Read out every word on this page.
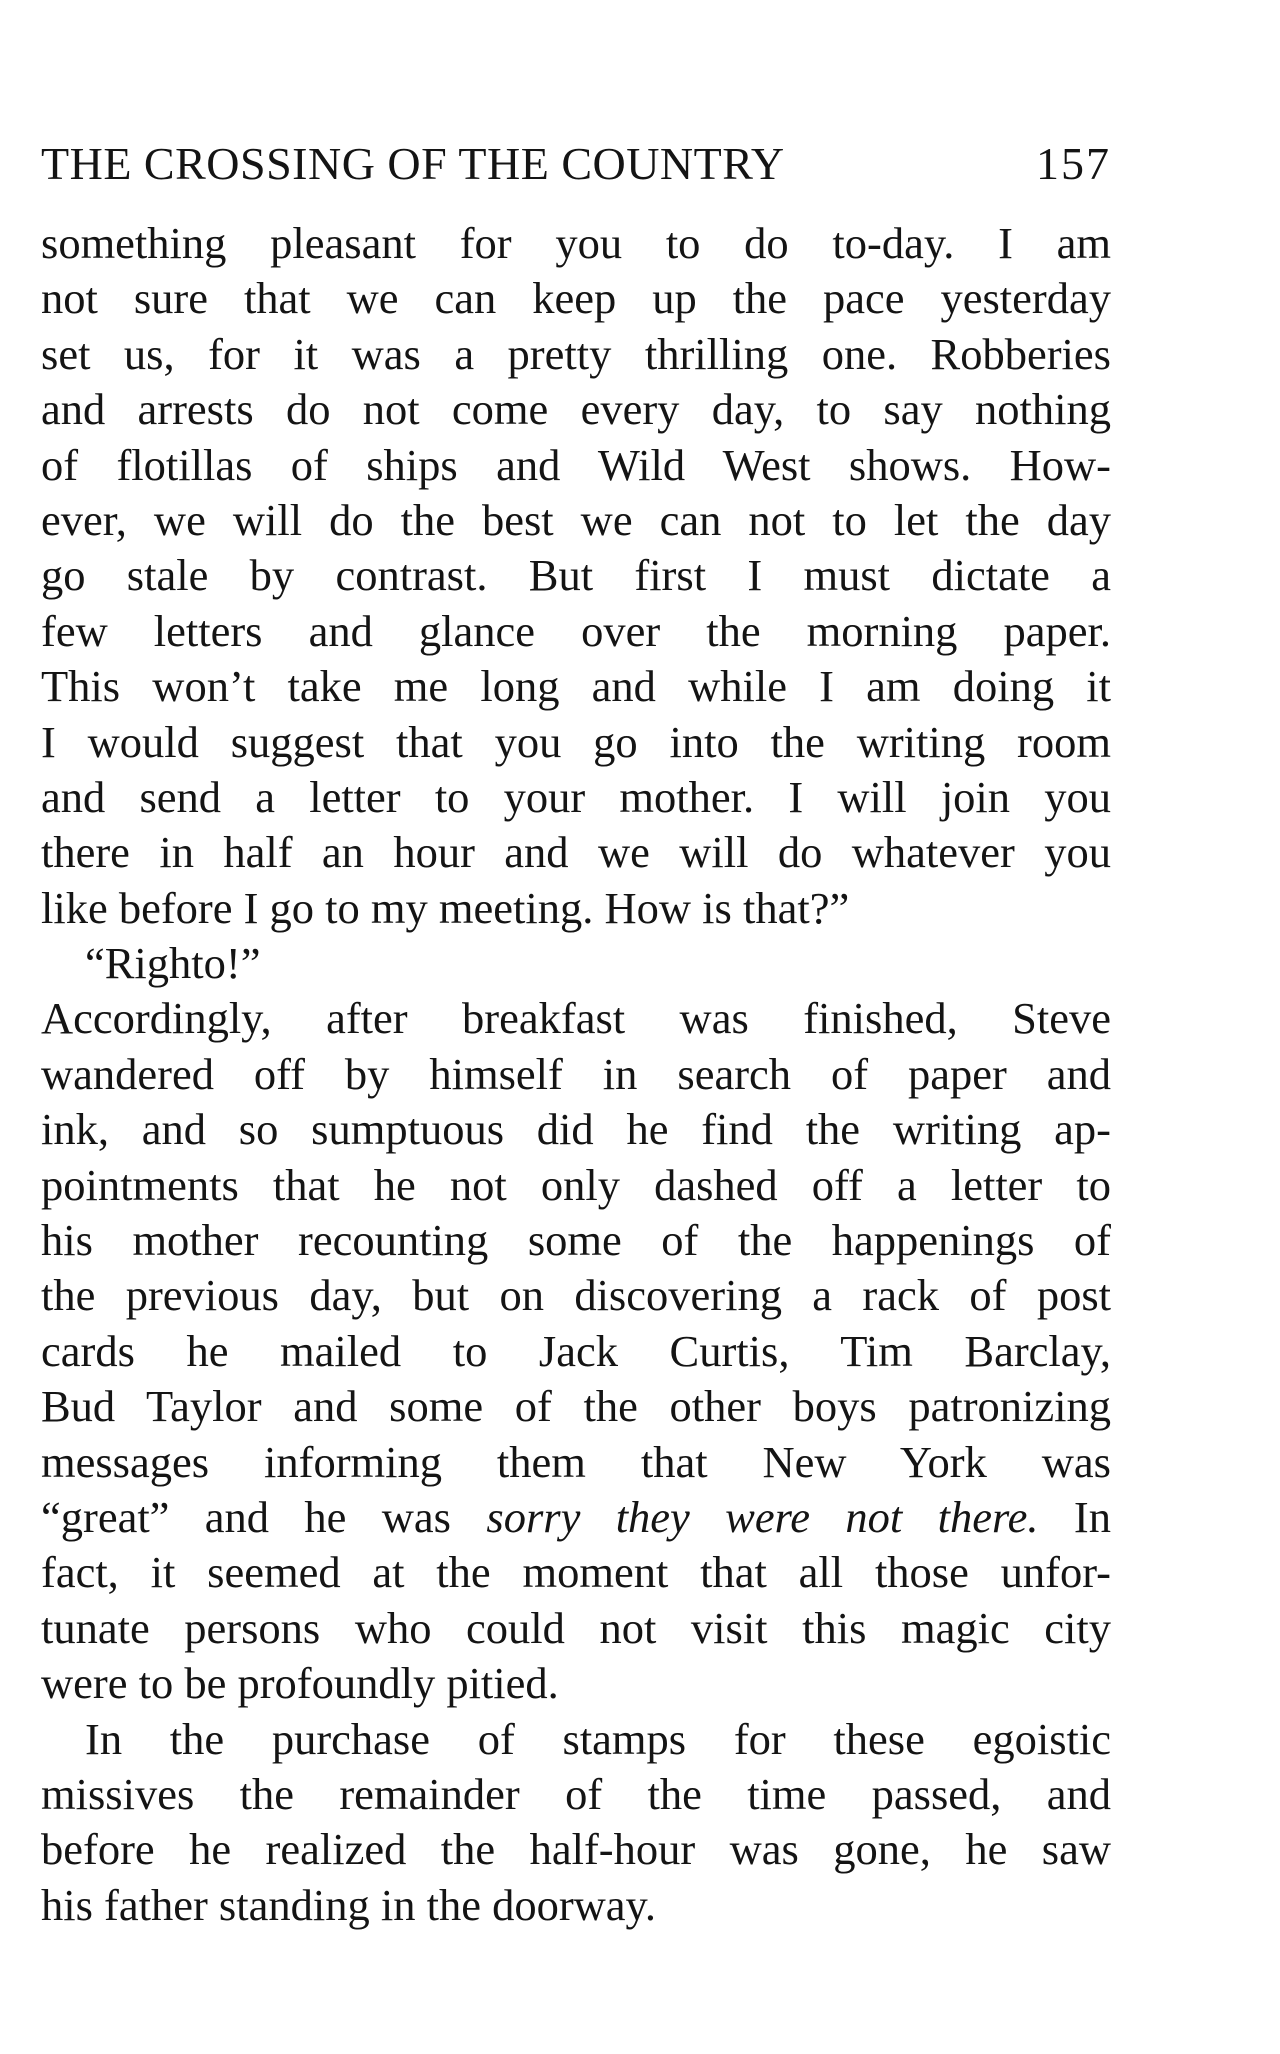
THE CROSSING OF THE COUNTRY	157
something pleasant for you to do to-day. I am
not sure that we can keep up the pace yesterday
set us, for it was a pretty thrilling one. Robberies
and arrests do not come every day, to say nothing
of flotillas of ships and Wild West shows. How-
ever, we will do the best we can not to let the day
go stale by contrast. But first I must dictate a
few letters and glance over the morning paper.
This won’t take me long and while I am doing it
I would suggest that you go into the writing room
and send a letter to your mother. I will join you
there in half an hour and we will do whatever you
like before I go to my meeting. How is that?”
“Righto!”
Accordingly, after breakfast was finished, Steve
wandered off by himself in search of paper and
ink, and so sumptuous did he find the writing ap-
pointments that he not only dashed off a letter to
his mother recounting some of the happenings of
the previous day, but on discovering a rack of post
cards he mailed to Jack Curtis, Tim Barclay,
Bud Taylor and some of the other boys patronizing
messages informing them that New York was
“great” and he was sorry they were not there. In
fact, it seemed at the moment that all those unfor-
tunate persons who could not visit this magic city
were to be profoundly pitied.
In the purchase of stamps for these egoistic
missives the remainder of the time passed, and
before he realized the half-hour was gone, he saw
his father standing in the doorway.
